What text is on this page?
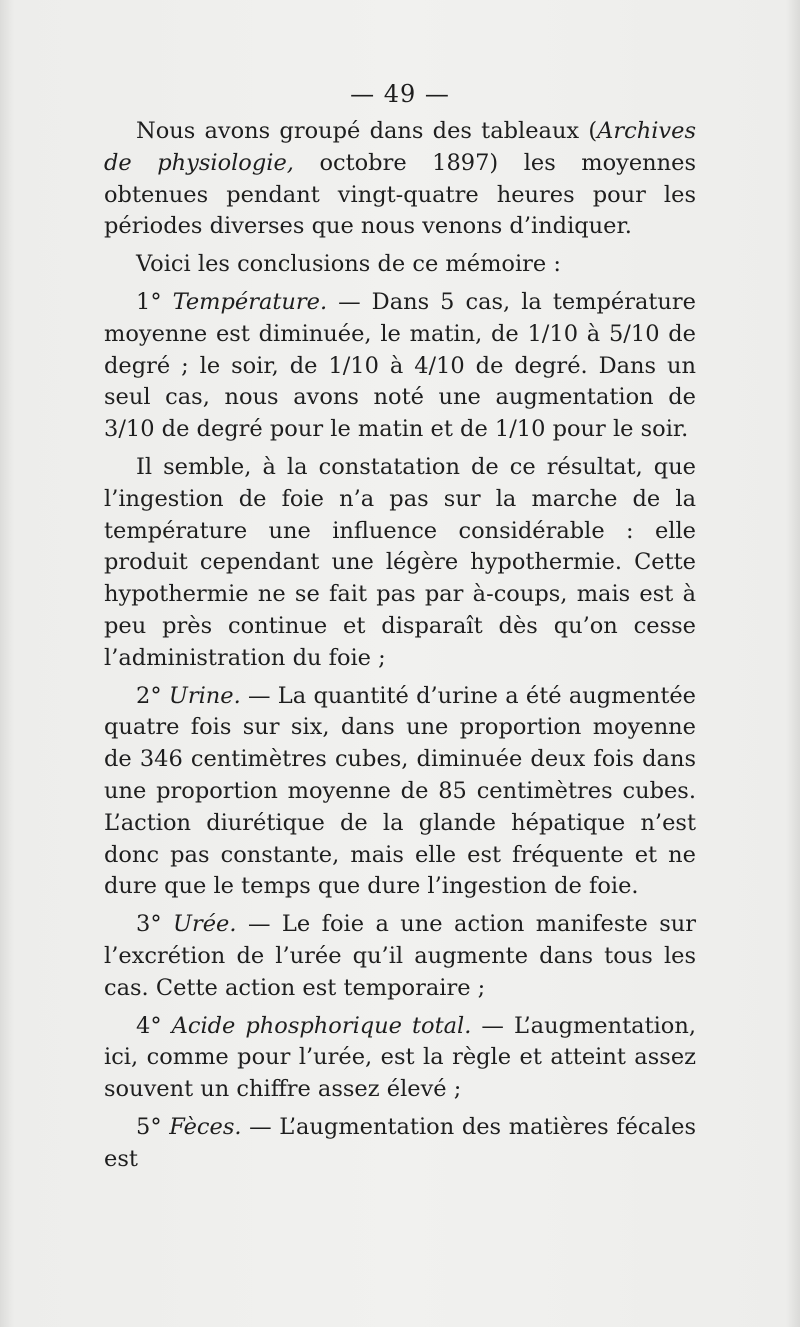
— 49 —

Nous avons groupé dans des tableaux (Archives de physiologie, octobre 1897) les moyennes obtenues pendant vingt-quatre heures pour les périodes diverses que nous venons d’indiquer.

Voici les conclusions de ce mémoire :

1° Température. — Dans 5 cas, la température moyenne est diminuée, le matin, de 1/10 à 5/10 de degré ; le soir, de 1/10 à 4/10 de degré. Dans un seul cas, nous avons noté une augmentation de 3/10 de degré pour le matin et de 1/10 pour le soir.

Il semble, à la constatation de ce résultat, que l’ingestion de foie n’a pas sur la marche de la température une influence considérable : elle produit cependant une légère hypothermie. Cette hypothermie ne se fait pas par à-coups, mais est à peu près continue et disparaît dès qu’on cesse l’administration du foie ;

2° Urine. — La quantité d’urine a été augmentée quatre fois sur six, dans une proportion moyenne de 346 centimètres cubes, diminuée deux fois dans une proportion moyenne de 85 centimètres cubes. L’action diurétique de la glande hépatique n’est donc pas constante, mais elle est fréquente et ne dure que le temps que dure l’ingestion de foie.

3° Urée. — Le foie a une action manifeste sur l’excrétion de l’urée qu’il augmente dans tous les cas. Cette action est temporaire ;

4° Acide phosphorique total. — L’augmentation, ici, comme pour l’urée, est la règle et atteint assez souvent un chiffre assez élevé ;

5° Fèces. — L’augmentation des matières fécales est
